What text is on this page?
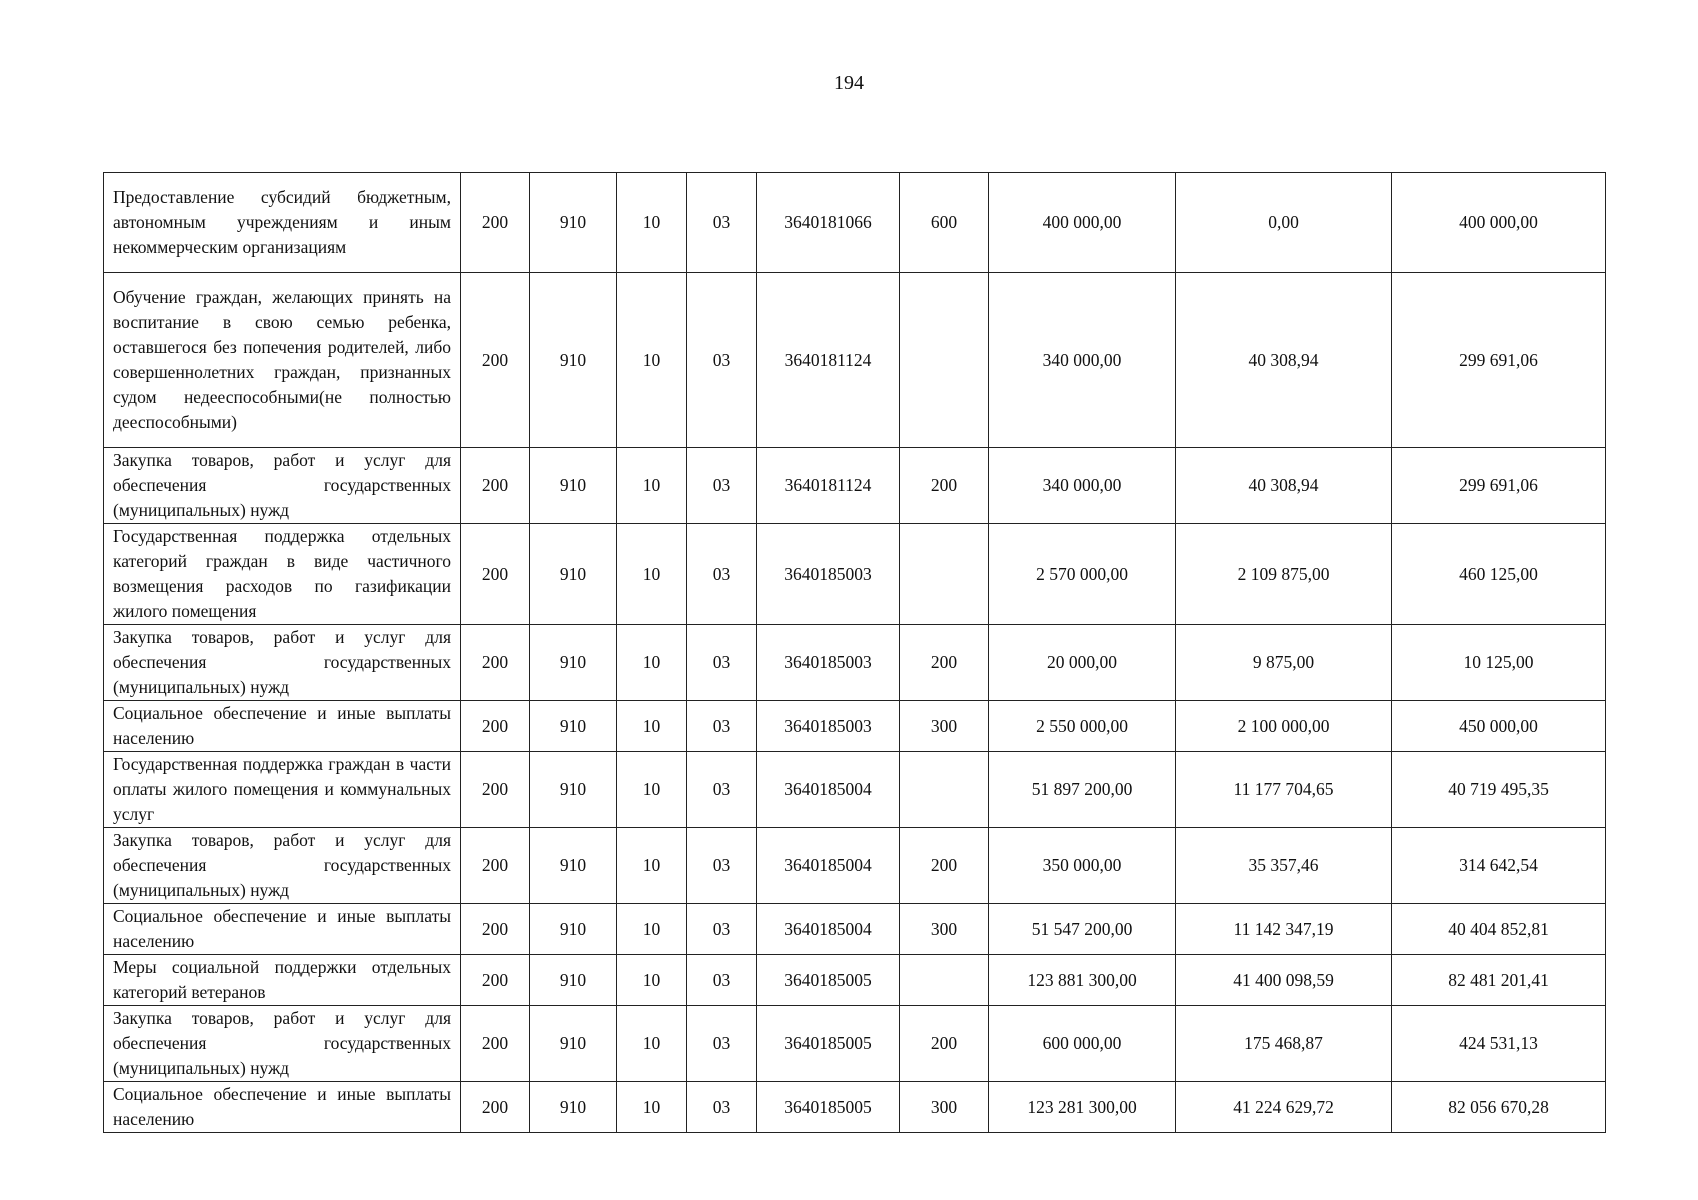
194
Предоставление субсидий бюджетным, автономным учреждениям и иным некоммерческим организациям	200	910	10	03	3640181066	600	400 000,00	0,00	400 000,00
Обучение граждан, желающих принять на воспитание в свою семью ребенка, оставшегося без попечения родителей, либо совершеннолетних граждан, признанных судом недееспособными(не полностью дееспособными)	200	910	10	03	3640181124		340 000,00	40 308,94	299 691,06
Закупка товаров, работ и услуг для обеспечения государственных (муниципальных) нужд	200	910	10	03	3640181124	200	340 000,00	40 308,94	299 691,06
Государственная поддержка отдельных категорий граждан в виде частичного возмещения расходов по газификации жилого помещения	200	910	10	03	3640185003		2 570 000,00	2 109 875,00	460 125,00
Закупка товаров, работ и услуг для обеспечения государственных (муниципальных) нужд	200	910	10	03	3640185003	200	20 000,00	9 875,00	10 125,00
Социальное обеспечение и иные выплаты населению	200	910	10	03	3640185003	300	2 550 000,00	2 100 000,00	450 000,00
Государственная поддержка граждан в части оплаты жилого помещения и коммунальных услуг	200	910	10	03	3640185004		51 897 200,00	11 177 704,65	40 719 495,35
Закупка товаров, работ и услуг для обеспечения государственных (муниципальных) нужд	200	910	10	03	3640185004	200	350 000,00	35 357,46	314 642,54
Социальное обеспечение и иные выплаты населению	200	910	10	03	3640185004	300	51 547 200,00	11 142 347,19	40 404 852,81
Меры социальной поддержки отдельных категорий ветеранов	200	910	10	03	3640185005		123 881 300,00	41 400 098,59	82 481 201,41
Закупка товаров, работ и услуг для обеспечения государственных (муниципальных) нужд	200	910	10	03	3640185005	200	600 000,00	175 468,87	424 531,13
Социальное обеспечение и иные выплаты населению	200	910	10	03	3640185005	300	123 281 300,00	41 224 629,72	82 056 670,28
